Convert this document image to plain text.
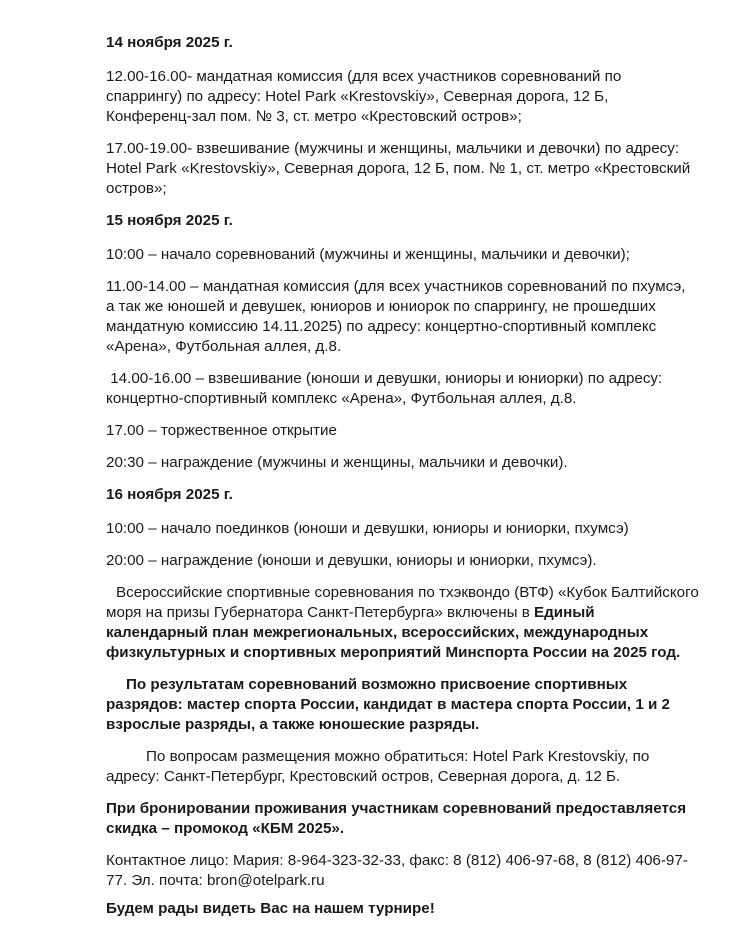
14 ноября 2025 г.
12.00-16.00- мандатная комиссия (для всех участников соревнований по
спаррингу) по адресу: Hotel Park «Krestovskiy», Северная дорога, 12 Б,
Конференц-зал пом. № 3, ст. метро «Крестовский остров»;
17.00-19.00- взвешивание (мужчины и женщины, мальчики и девочки) по адресу:
Hotel Park «Krestovskiy», Северная дорога, 12 Б, пом. № 1, ст. метро «Крестовский
остров»;
15 ноября 2025 г.
10:00 – начало соревнований (мужчины и женщины, мальчики и девочки);
11.00-14.00 – мандатная комиссия (для всех участников соревнований по пхумсэ,
а так же юношей и девушек, юниоров и юниорок по спаррингу, не прошедших
мандатную комиссию 14.11.2025) по адресу: концертно-спортивный комплекс
«Арена», Футбольная аллея, д.8.
14.00-16.00 – взвешивание (юноши и девушки, юниоры и юниорки) по адресу:
концертно-спортивный комплекс «Арена», Футбольная аллея, д.8.
17.00 – торжественное открытие
20:30 – награждение (мужчины и женщины, мальчики и девочки).
16 ноября 2025 г.
10:00 – начало поединков (юноши и девушки, юниоры и юниорки, пхумсэ)
20:00 – награждение (юноши и девушки, юниоры и юниорки, пхумсэ).
Всероссийские спортивные соревнования по тхэквондо (ВТФ) «Кубок Балтийского
моря на призы Губернатора Санкт-Петербурга» включены в Единый
календарный план межрегиональных, всероссийских, международных
физкультурных и спортивных мероприятий Минспорта России на 2025 год.
По результатам соревнований возможно присвоение спортивных
разрядов: мастер спорта России, кандидат в мастера спорта России, 1 и 2
взрослые разряды, а также юношеские разряды.
По вопросам размещения можно обратиться: Hotel Park Krestovskiy, по
адресу: Санкт-Петербург, Крестовский остров, Северная дорога, д. 12 Б.
При бронировании проживания участникам соревнований предоставляется
скидка – промокод «КБМ 2025».
Контактное лицо: Мария: 8-964-323-32-33, факс: 8 (812) 406-97-68, 8 (812) 406-97-
77. Эл. почта: bron@otelpark.ru
Будем рады видеть Вас на нашем турнире!
